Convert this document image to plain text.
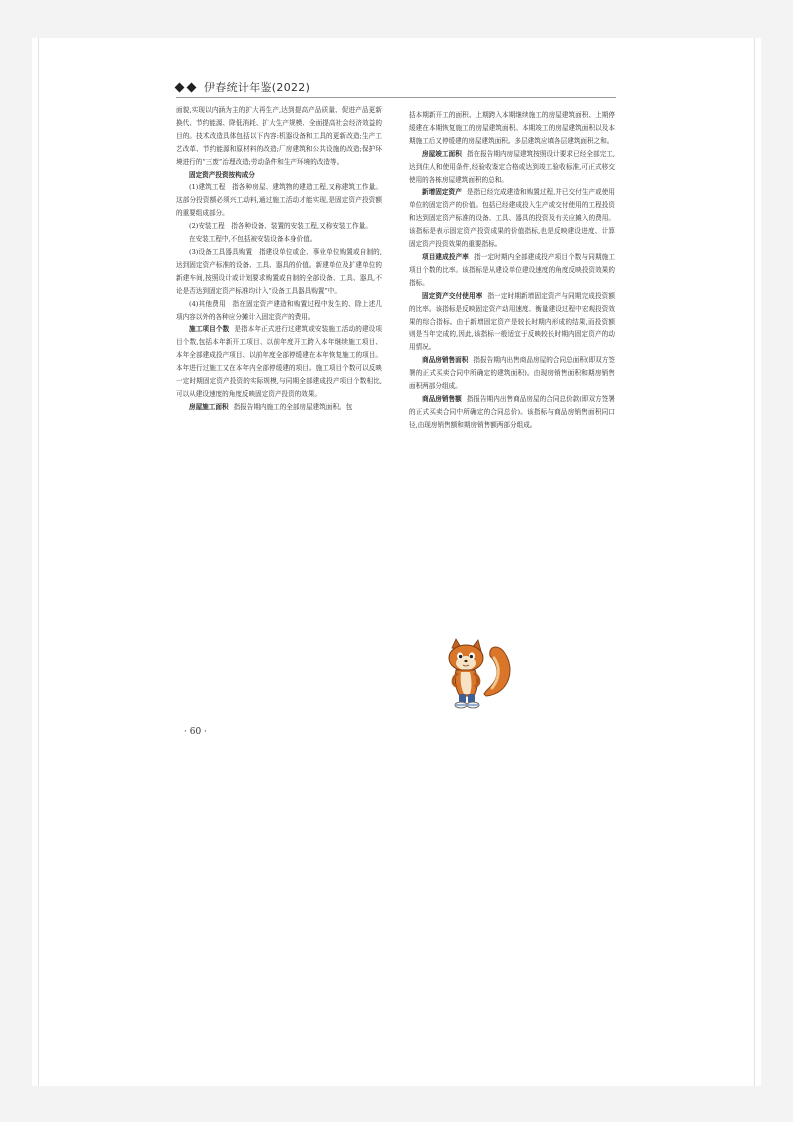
伊春统计年鉴(2022)

面貌,实现以内涵为主的扩大再生产,达到提高产品质量、促进产品更新换代、节约能源、降低消耗、扩大生产规模、全面提高社会经济效益的目的。技术改造具体包括以下内容:机器设备和工具的更新改造;生产工艺改革、节约能源和原材料的改造;厂房建筑和公共设施的改造;保护环境进行的“三废”治理改造;劳动条件和生产环境的改造等。

固定资产投资按构成分

(1)建筑工程　指各种房屋、建筑物的建造工程,又称建筑工作量。这部分投资额必须兴工动料,通过施工活动才能实现,是固定资产投资额的重要组成部分。

(2)安装工程　指各种设备、装置的安装工程,又称安装工作量。

在安装工程中,不包括被安装设备本身价值。

(3)设备工具器具购置　指建设单位或企、事业单位购置或自制的,达到固定资产标准的设备、工具、器具的价值。新建单位及扩建单位的新建车间,按照设计或计划要求购置或自制的全部设备、工具、器具,不论是否达到固定资产标准均计入“设备工具器具购置”中。

(4)其他费用　指在固定资产建造和购置过程中发生的、除上述几项内容以外的各种应分摊计入固定资产的费用。

施工项目个数 是指本年正式进行过建筑或安装施工活动的建设项目个数,包括本年新开工项目、以前年度开工跨入本年继续施工项目、本年全部建成投产项目、以前年度全部停缓建在本年恢复施工的项目。本年进行过施工又在本年内全部停缓建的项目。施工项目个数可以反映一定时期固定资产投资的实际规模,与同期全部建成投产项目个数相比,可以从建设速度的角度反映固定资产投资的效果。

房屋施工面积 指报告期内施工的全部房屋建筑面积。包

括本期新开工的面积、上期跨入本期继续施工的房屋建筑面积、上期停缓建在本期恢复施工的房屋建筑面积。本期竣工的房屋建筑面积以及本期施工后又停缓建的房屋建筑面积。多层建筑应填各层建筑面积之和。

房屋竣工面积 指在报告期内房屋建筑按照设计要求已经全部完工,达到住人和使用条件,经验收鉴定合格或达到竣工验收标准,可正式移交使用的各栋房屋建筑面积的总和。

新增固定资产 是指已经完成建造和购置过程,并已交付生产或使用单位的固定资产的价值。包括已经建成投入生产或交付使用的工程投资和达到固定资产标准的设备、工具、器具的投资及有关应摊入的费用。该指标是表示固定资产投资成果的价值指标,也是反映建设进度、计算固定资产投资效果的重要指标。

项目建成投产率 指一定时期内全部建成投产项目个数与同期施工项目个数的比率。该指标是从建设单位建设速度的角度反映投资效果的指标。

固定资产交付使用率 指一定时期新增固定资产与同期完成投资额的比率。该指标是反映固定资产动用速度、衡量建设过程中宏观投资效果的综合指标。由于新增固定资产是较长时期内形成的结果,而投资额则是当年完成的,因此,该指标一般适宜于反映较长时期内固定资产的动用情况。

商品房销售面积 指报告期内出售商品房屋的合同总面积(即双方签署的正式买卖合同中所确定的建筑面积)。由现房销售面积和期房销售面积两部分组成。

商品房销售额 指报告期内出售商品房屋的合同总价款(即双方签署的正式买卖合同中所确定的合同总价)。该指标与商品房销售面积同口径,由现房销售额和期房销售额两部分组成。

· 60 ·
